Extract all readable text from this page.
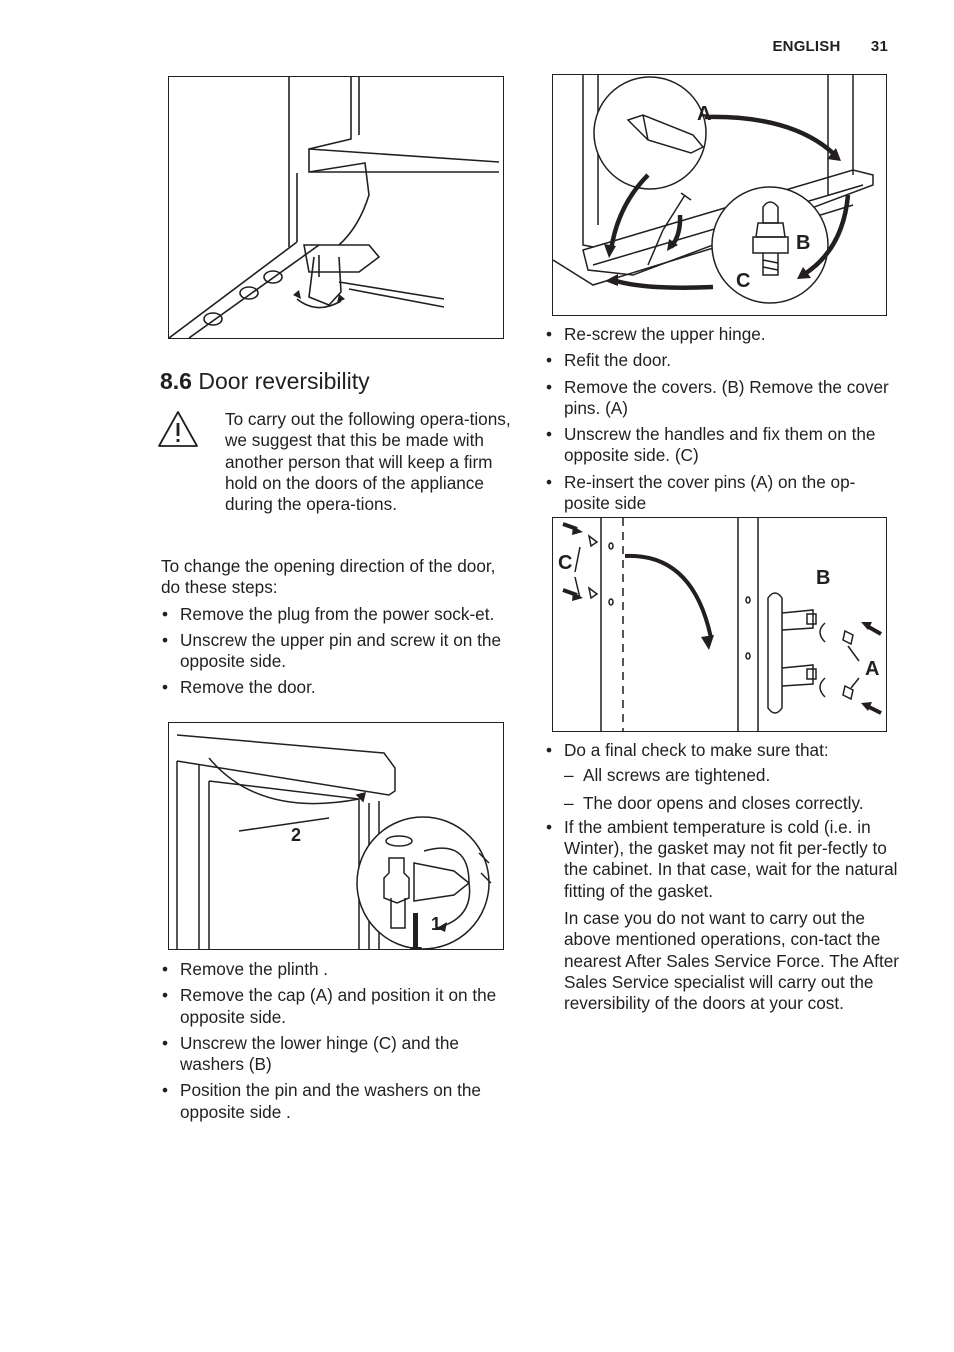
ENGLISH 31
8.6 Door reversibility
To carry out the following opera-tions, we suggest that this be made with another person that will keep a firm hold on the doors of the appliance during the opera-tions.

To change the opening direction of the door, do these steps:

• Remove the plug from the power sock-et.
• Unscrew the upper pin and screw it on the opposite side.
• Remove the door.
2
1
• Remove the plinth .
• Remove the cap (A) and position it on the opposite side.
• Unscrew the lower hinge (C) and the washers (B)
• Position the pin and the washers on the opposite side .
A
B
C
• Re-screw the upper hinge.
• Refit the door.
• Remove the covers. (B) Remove the cover pins. (A)
• Unscrew the handles and fix them on the opposite side. (C)
• Re-insert the cover pins (A) on the op-posite side
C
B
A
• Do a final check to make sure that:
– All screws are tightened.
– The door opens and closes correctly.
• If the ambient temperature is cold (i.e. in Winter), the gasket may not fit per-fectly to the cabinet. In that case, wait for the natural fitting of the gasket.

In case you do not want to carry out the above mentioned operations, con-tact the nearest After Sales Service Force. The After Sales Service specialist will carry out the reversibility of the doors at your cost.
